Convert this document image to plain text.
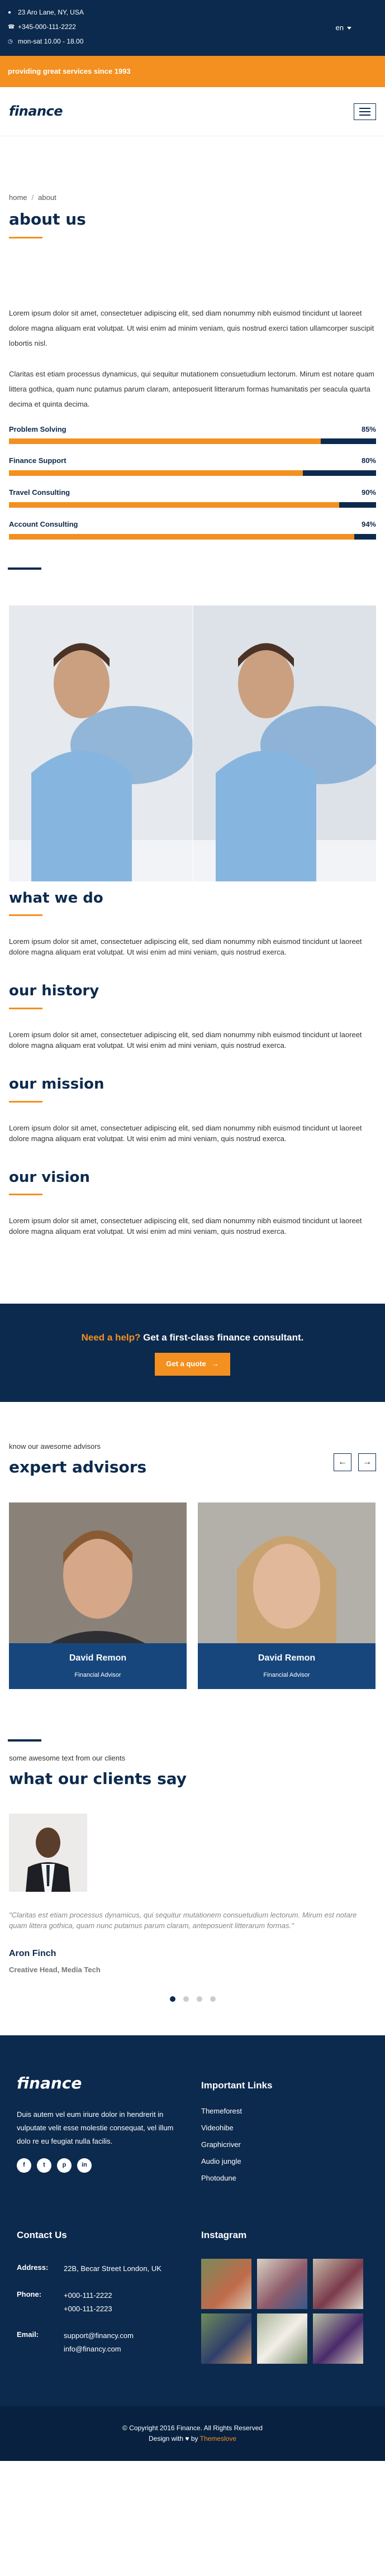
● 23 Aro Lane, NY, USA
☎ +345-000-111-2222
◷ mon-sat 10.00 - 18.00
en
providing great services since 1993
finance
home / about
about us

Lorem ipsum dolor sit amet, consectetuer adipiscing elit, sed diam nonummy nibh euismod tincidunt ut laoreet dolore magna aliquam erat volutpat. Ut wisi enim ad minim veniam, quis nostrud exerci tation ullamcorper suscipit lobortis nisl.

Claritas est etiam processus dynamicus, qui sequitur mutationem consuetudium lectorum. Mirum est notare quam littera gothica, quam nunc putamus parum claram, anteposuerit litterarum formas humanitatis per seacula quarta decima et quinta decima.

Problem Solving	85%
Finance Support	80%
Travel Consulting	90%
Account Consulting	94%
what we do

Lorem ipsum dolor sit amet, consectetuer adipiscing elit, sed diam nonummy nibh euismod tincidunt ut laoreet dolore magna aliquam erat volutpat. Ut wisi enim ad mini veniam, quis nostrud exerca.

our history

Lorem ipsum dolor sit amet, consectetuer adipiscing elit, sed diam nonummy nibh euismod tincidunt ut laoreet dolore magna aliquam erat volutpat. Ut wisi enim ad mini veniam, quis nostrud exerca.

our mission

Lorem ipsum dolor sit amet, consectetuer adipiscing elit, sed diam nonummy nibh euismod tincidunt ut laoreet dolore magna aliquam erat volutpat. Ut wisi enim ad mini veniam, quis nostrud exerca.

our vision

Lorem ipsum dolor sit amet, consectetuer adipiscing elit, sed diam nonummy nibh euismod tincidunt ut laoreet dolore magna aliquam erat volutpat. Ut wisi enim ad mini veniam, quis nostrud exerca.

Need a help? Get a first-class finance consultant.
Get a quote →
know our awesome advisors
expert advisors	← →
David Remon
Financial Advisor
David Remon
Financial Advisor
some awesome text from our clients
what our clients say
"Claritas est etiam processus dynamicus, qui sequitur mutationem consuetudium lectorum. Mirum est notare quam littera gothica, quam nunc putamus parum claram, anteposuerit litterarum formas."
Aron Finch
Creative Head, Media Tech
finance
Duis autem vel eum iriure dolor in hendrerit in vulputate velit esse molestie consequat, vel illum dolo re eu feugiat nulla facilis.
f	t	p	in
Important Links
Themeforest
Videohibe
Graphicriver
Audio jungle
Photodune
Contact Us
Address:	22B, Becar Street London, UK
Phone:	+000-111-2222
+000-111-2223
Email:	support@financy.com
info@financy.com
Instagram
© Copyright 2016 Finance. All Rights Reserved
Design with ♥ by Themeslove
